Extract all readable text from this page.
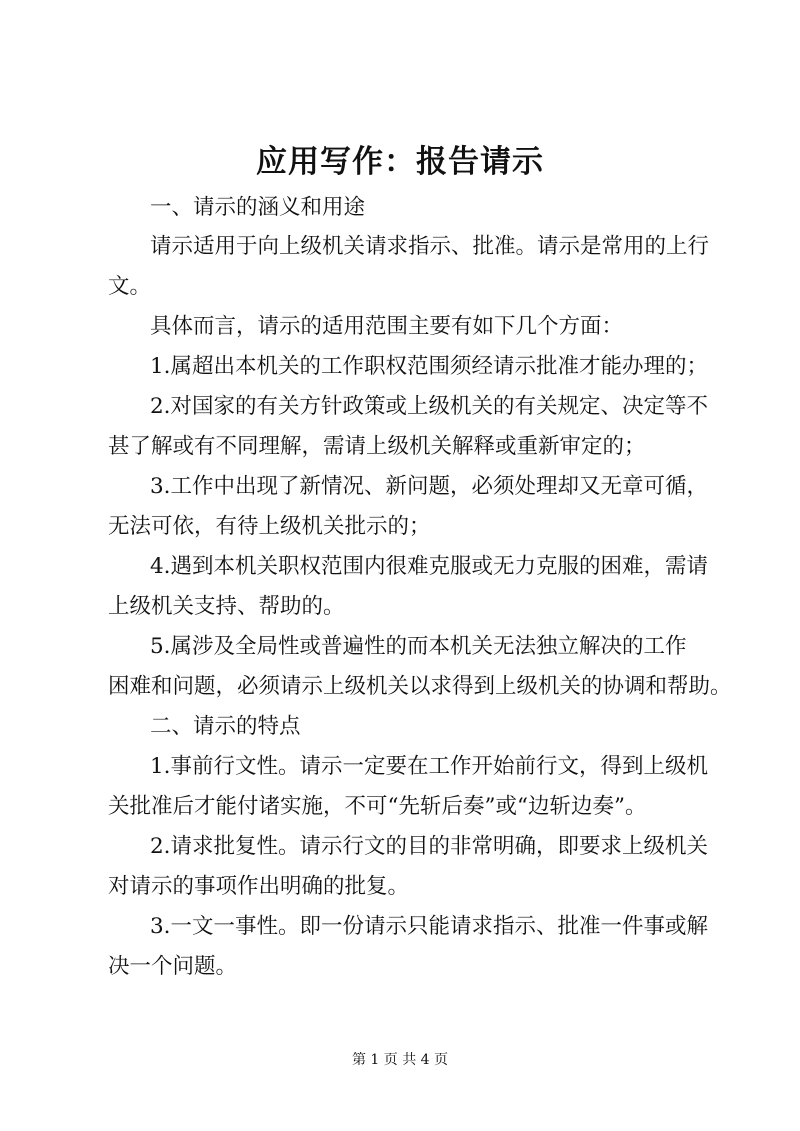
应用写作：报告请示
一、请示的涵义和用途
请示适用于向上级机关请求指示、批准。请示是常用的上行
文。
具体而言，请示的适用范围主要有如下几个方面：
1.属超出本机关的工作职权范围须经请示批准才能办理的；
2.对国家的有关方针政策或上级机关的有关规定、决定等不
甚了解或有不同理解，需请上级机关解释或重新审定的；
3.工作中出现了新情况、新问题，必须处理却又无章可循，
无法可依，有待上级机关批示的；
4.遇到本机关职权范围内很难克服或无力克服的困难，需请
上级机关支持、帮助的。
5.属涉及全局性或普遍性的而本机关无法独立解决的工作
困难和问题，必须请示上级机关以求得到上级机关的协调和帮助。
二、请示的特点
1.事前行文性。请示一定要在工作开始前行文，得到上级机
关批准后才能付诸实施，不可“先斩后奏”或“边斩边奏”。
2.请求批复性。请示行文的目的非常明确，即要求上级机关
对请示的事项作出明确的批复。
3.一文一事性。即一份请示只能请求指示、批准一件事或解
决一个问题。
第 1 页 共 4 页
